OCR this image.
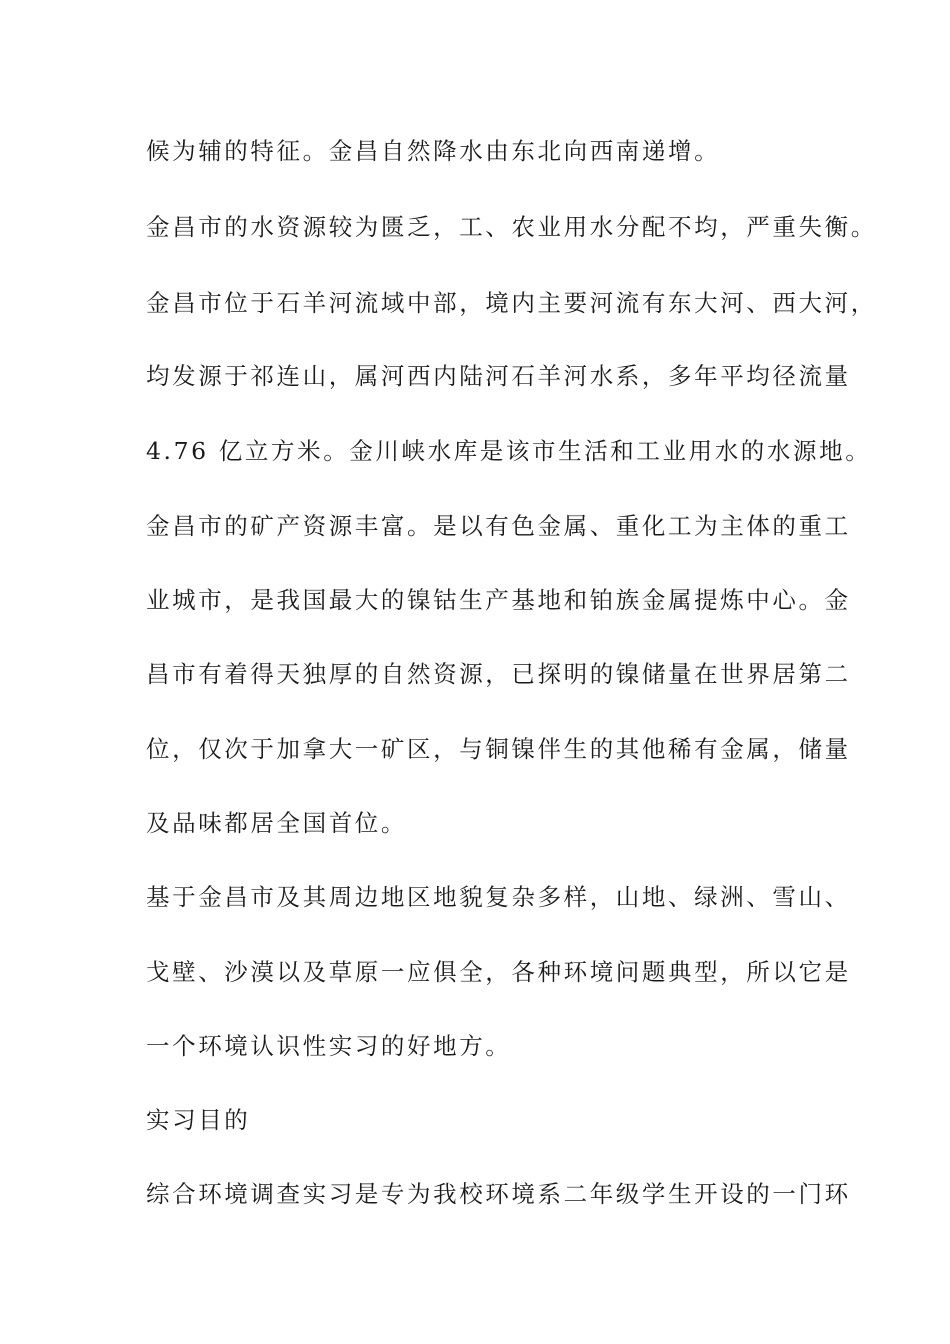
候为辅的特征。金昌自然降水由东北向西南递增。
金昌市的水资源较为匮乏，工、农业用水分配不均，严重失衡。
金昌市位于石羊河流域中部，境内主要河流有东大河、西大河，
均发源于祁连山，属河西内陆河石羊河水系，多年平均径流量
4.76 亿立方米。金川峡水库是该市生活和工业用水的水源地。
金昌市的矿产资源丰富。是以有色金属、重化工为主体的重工
业城市，是我国最大的镍钴生产基地和铂族金属提炼中心。金
昌市有着得天独厚的自然资源，已探明的镍储量在世界居第二
位，仅次于加拿大一矿区，与铜镍伴生的其他稀有金属，储量
及品味都居全国首位。
基于金昌市及其周边地区地貌复杂多样，山地、绿洲、雪山、
戈壁、沙漠以及草原一应俱全，各种环境问题典型，所以它是
一个环境认识性实习的好地方。
实习目的
综合环境调查实习是专为我校环境系二年级学生开设的一门环
